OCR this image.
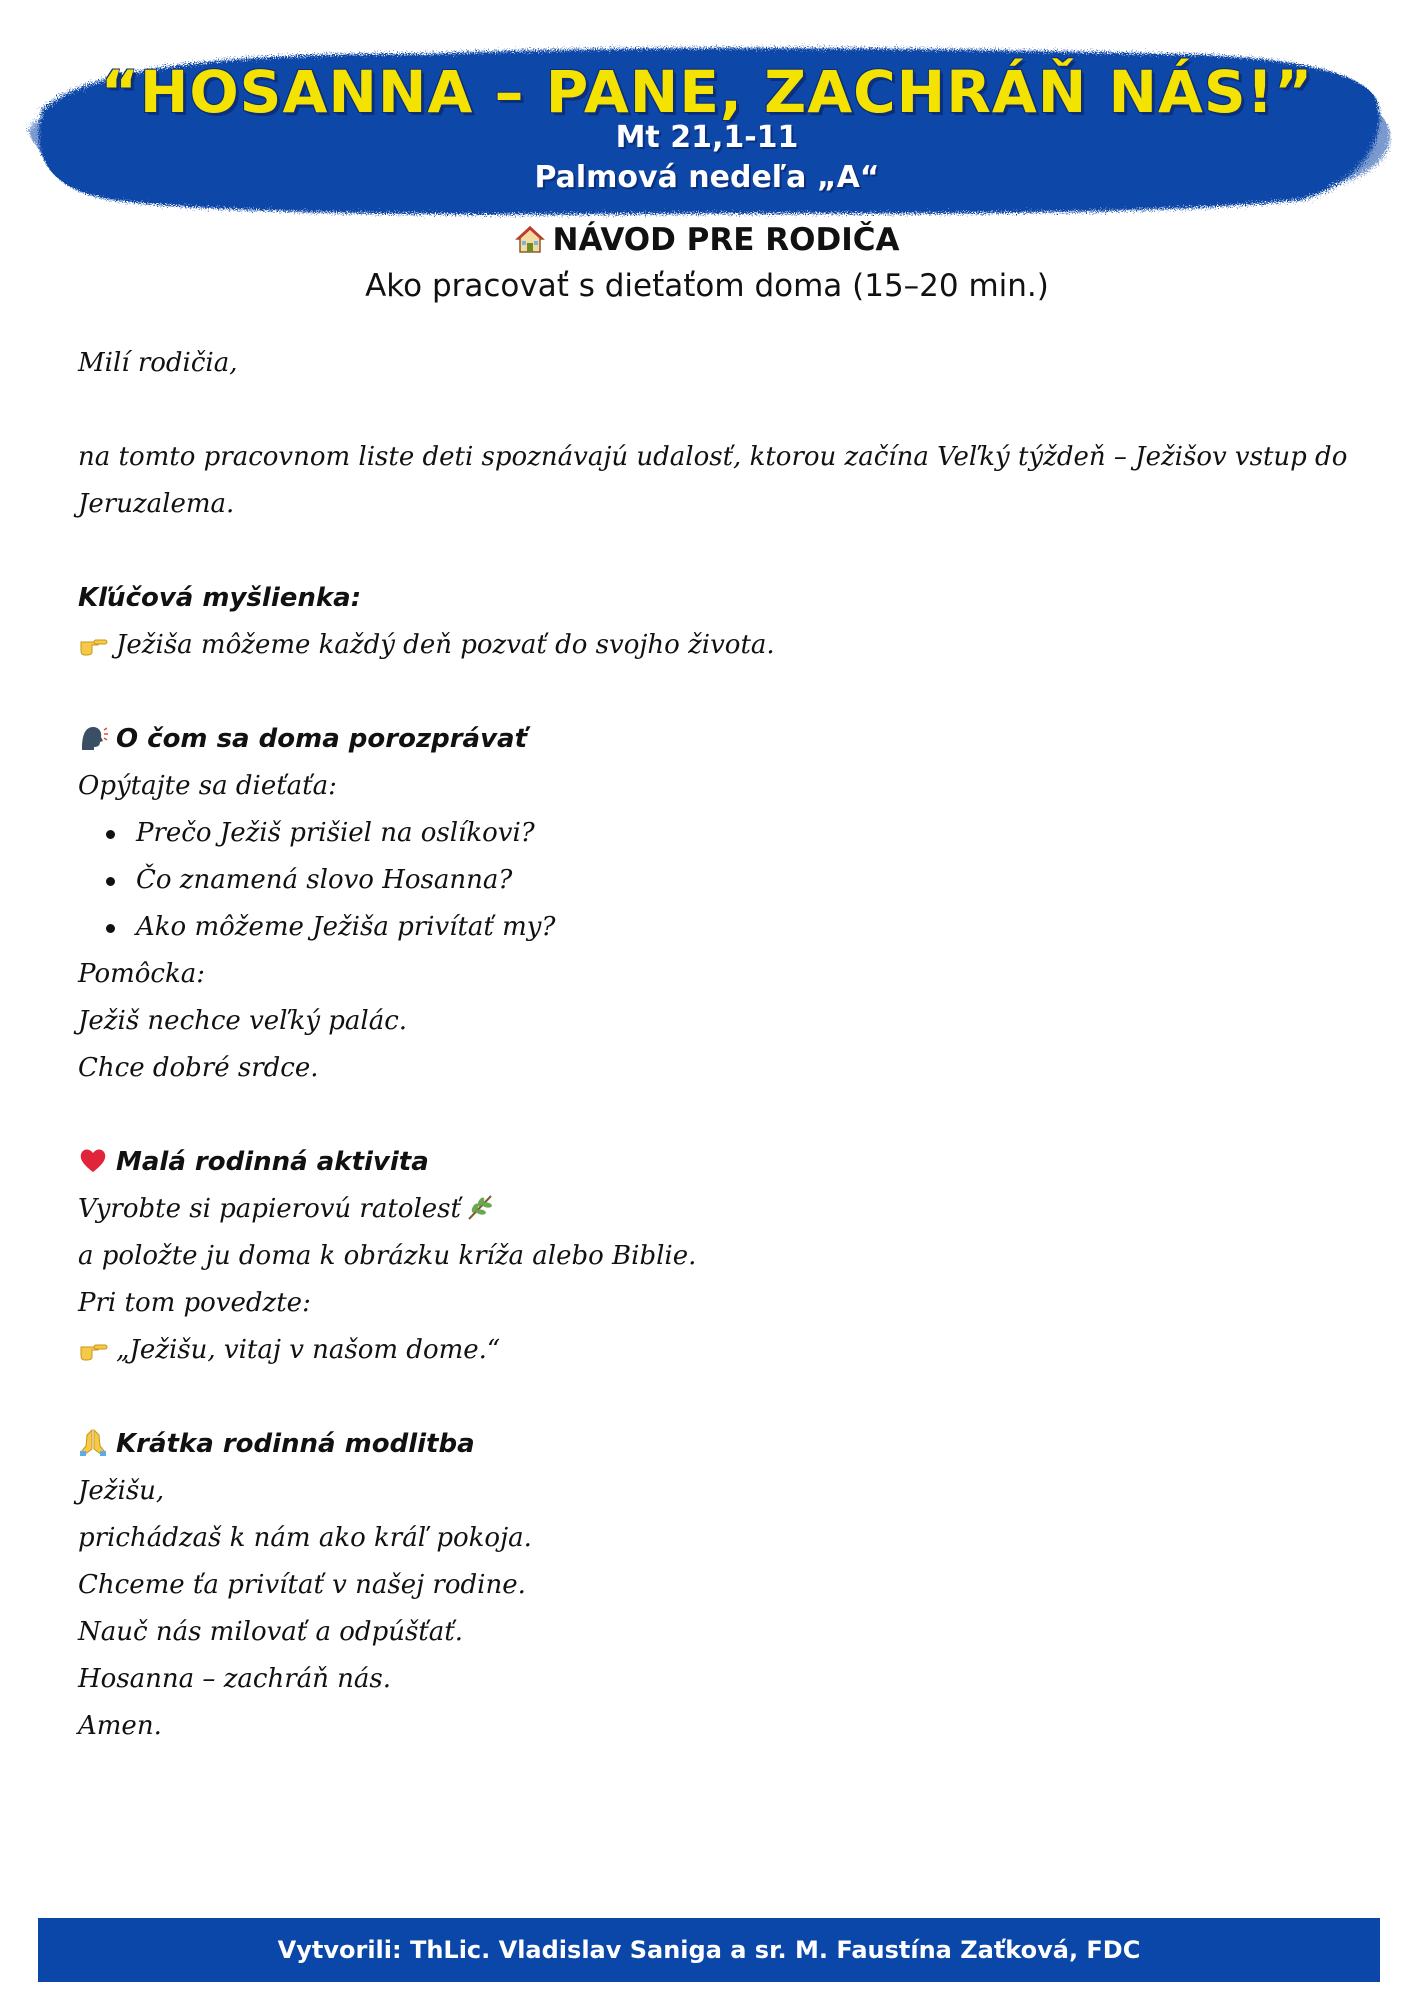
“HOSANNA – PANE, ZACHRÁŇ NÁS!”
Mt 21,1-11
Palmová nedeľa „A“
NÁVOD PRE RODIČA
Ako pracovať s dieťaťom doma (15–20 min.)

Milí rodičia,

na tomto pracovnom liste deti spoznávajú udalosť, ktorou začína Veľký týždeň – Ježišov vstup do Jeruzalema.

Kľúčová myšlienka:

Ježiša môžeme každý deň pozvať do svojho života.

O čom sa doma porozprávať

Opýtajte sa dieťaťa:

Prečo Ježiš prišiel na oslíkovi?
Čo znamená slovo Hosanna?
Ako môžeme Ježiša privítať my?

Pomôcka:

Ježiš nechce veľký palác.

Chce dobré srdce.

Malá rodinná aktivita

Vyrobte si papierovú ratolesť

a položte ju doma k obrázku kríža alebo Biblie.

Pri tom povedzte:

„Ježišu, vitaj v našom dome.“

Krátka rodinná modlitba

Ježišu,

prichádzaš k nám ako kráľ pokoja.

Chceme ťa privítať v našej rodine.

Nauč nás milovať a odpúšťať.

Hosanna – zachráň nás.

Amen.

Vytvorili: ThLic. Vladislav Saniga a sr. M. Faustína Zaťková, FDC
